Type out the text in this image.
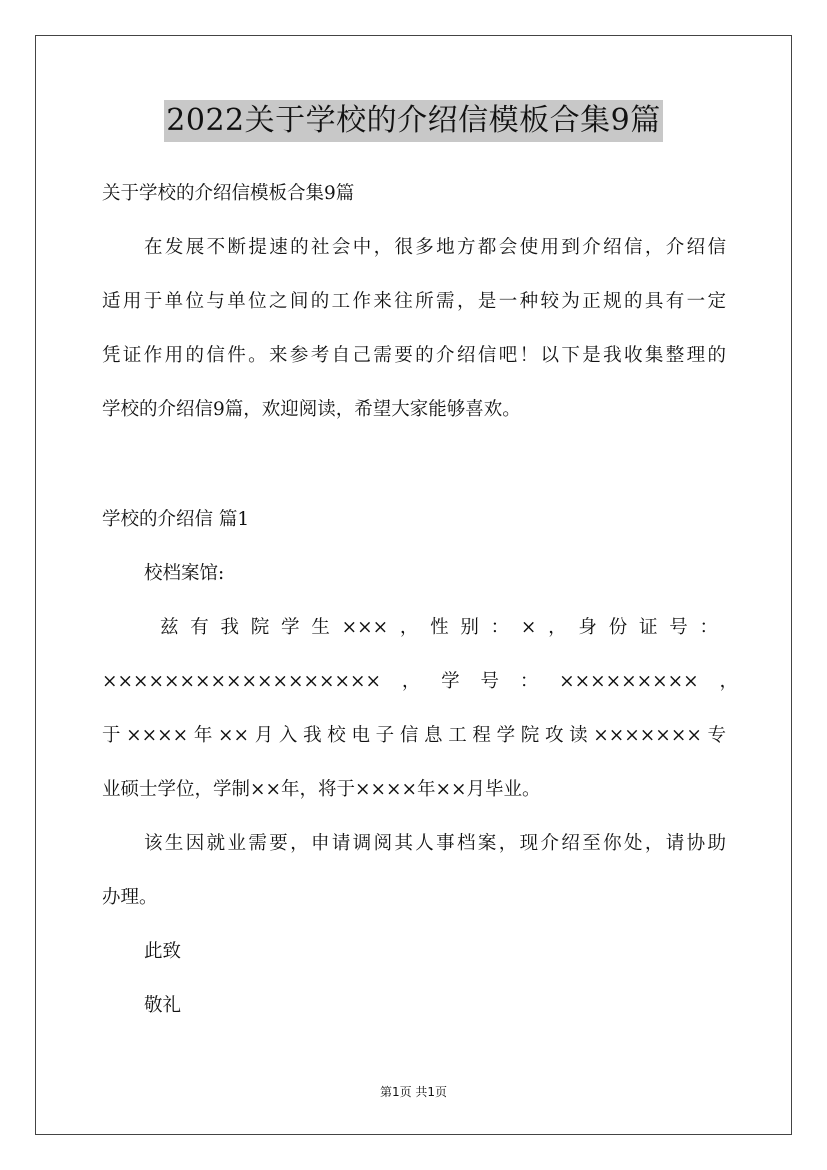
2022关于学校的介绍信模板合集9篇
关于学校的介绍信模板合集9篇
在发展不断提速的社会中，很多地方都会使用到介绍信，介绍信
适用于单位与单位之间的工作来往所需，是一种较为正规的具有一定
凭证作用的信件。来参考自己需要的介绍信吧！以下是我收集整理的
学校的介绍信9篇，欢迎阅读，希望大家能够喜欢。
学校的介绍信 篇1
校档案馆:
兹有我院学生×××，性别：×，身份证号：
××××××××××××××××××，学号：×××××××××，
于××××年××月入我校电子信息工程学院攻读×××××××专
业硕士学位，学制××年，将于××××年××月毕业。
该生因就业需要，申请调阅其人事档案，现介绍至你处，请协助
办理。
此致
敬礼
第1页 共1页
